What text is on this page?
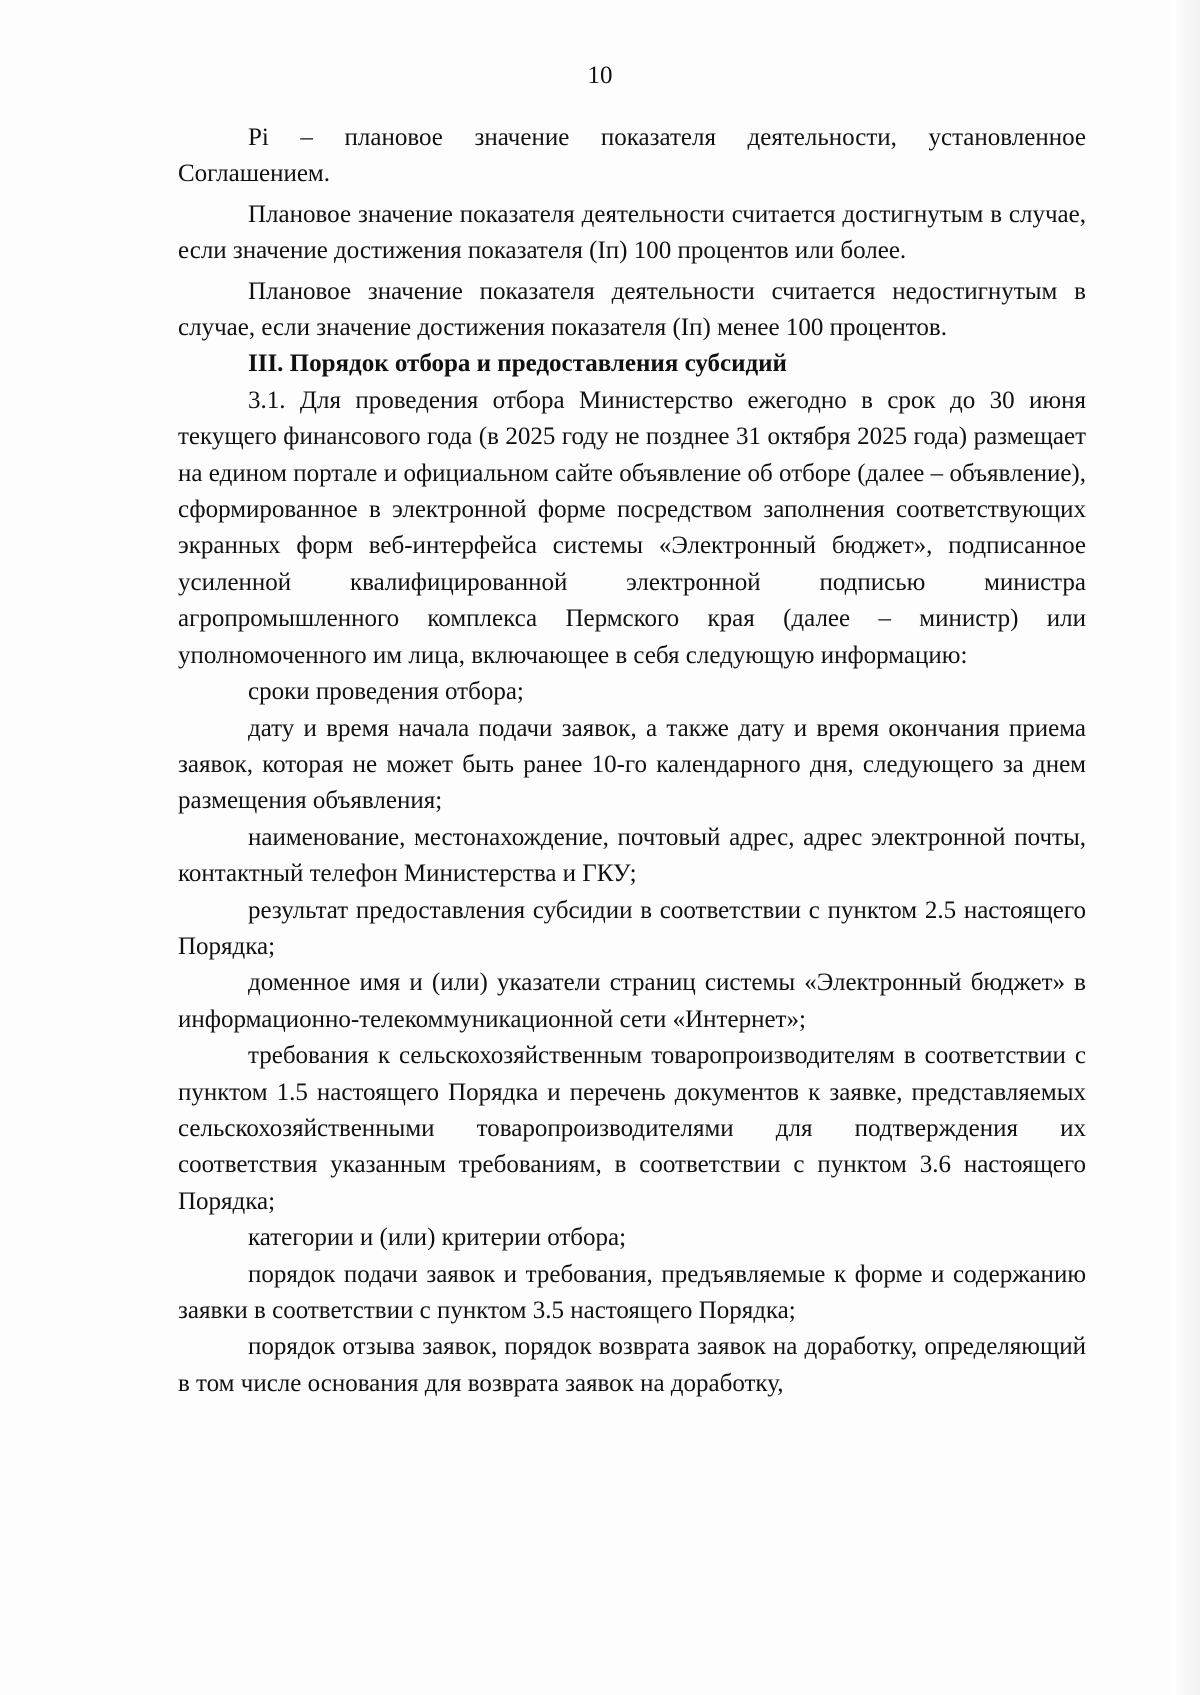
10

Pi – плановое значение показателя деятельности, установленное Соглашением.

Плановое значение показателя деятельности считается достигнутым в случае, если значение достижения показателя (Iп) 100 процентов или более.

Плановое значение показателя деятельности считается недостигнутым в случае, если значение достижения показателя (Iп) менее 100 процентов.

III. Порядок отбора и предоставления субсидий

3.1. Для проведения отбора Министерство ежегодно в срок до 30 июня текущего финансового года (в 2025 году не позднее 31 октября 2025 года) размещает на едином портале и официальном сайте объявление об отборе (далее – объявление), сформированное в электронной форме посредством заполнения соответствующих экранных форм веб-интерфейса системы «Электронный бюджет», подписанное усиленной квалифицированной электронной подписью министра агропромышленного комплекса Пермского края (далее – министр) или уполномоченного им лица, включающее в себя следующую информацию:

сроки проведения отбора;

дату и время начала подачи заявок, а также дату и время окончания приема заявок, которая не может быть ранее 10-го календарного дня, следующего за днем размещения объявления;

наименование, местонахождение, почтовый адрес, адрес электронной почты, контактный телефон Министерства и ГКУ;

результат предоставления субсидии в соответствии с пунктом 2.5 настоящего Порядка;

доменное имя и (или) указатели страниц системы «Электронный бюджет» в информационно-телекоммуникационной сети «Интернет»;

требования к сельскохозяйственным товаропроизводителям в соответствии с пунктом 1.5 настоящего Порядка и перечень документов к заявке, представляемых сельскохозяйственными товаропроизводителями для подтверждения их соответствия указанным требованиям, в соответствии с пунктом 3.6 настоящего Порядка;

категории и (или) критерии отбора;

порядок подачи заявок и требования, предъявляемые к форме и содержанию заявки в соответствии с пунктом 3.5 настоящего Порядка;

порядок отзыва заявок, порядок возврата заявок на доработку, определяющий в том числе основания для возврата заявок на доработку,
